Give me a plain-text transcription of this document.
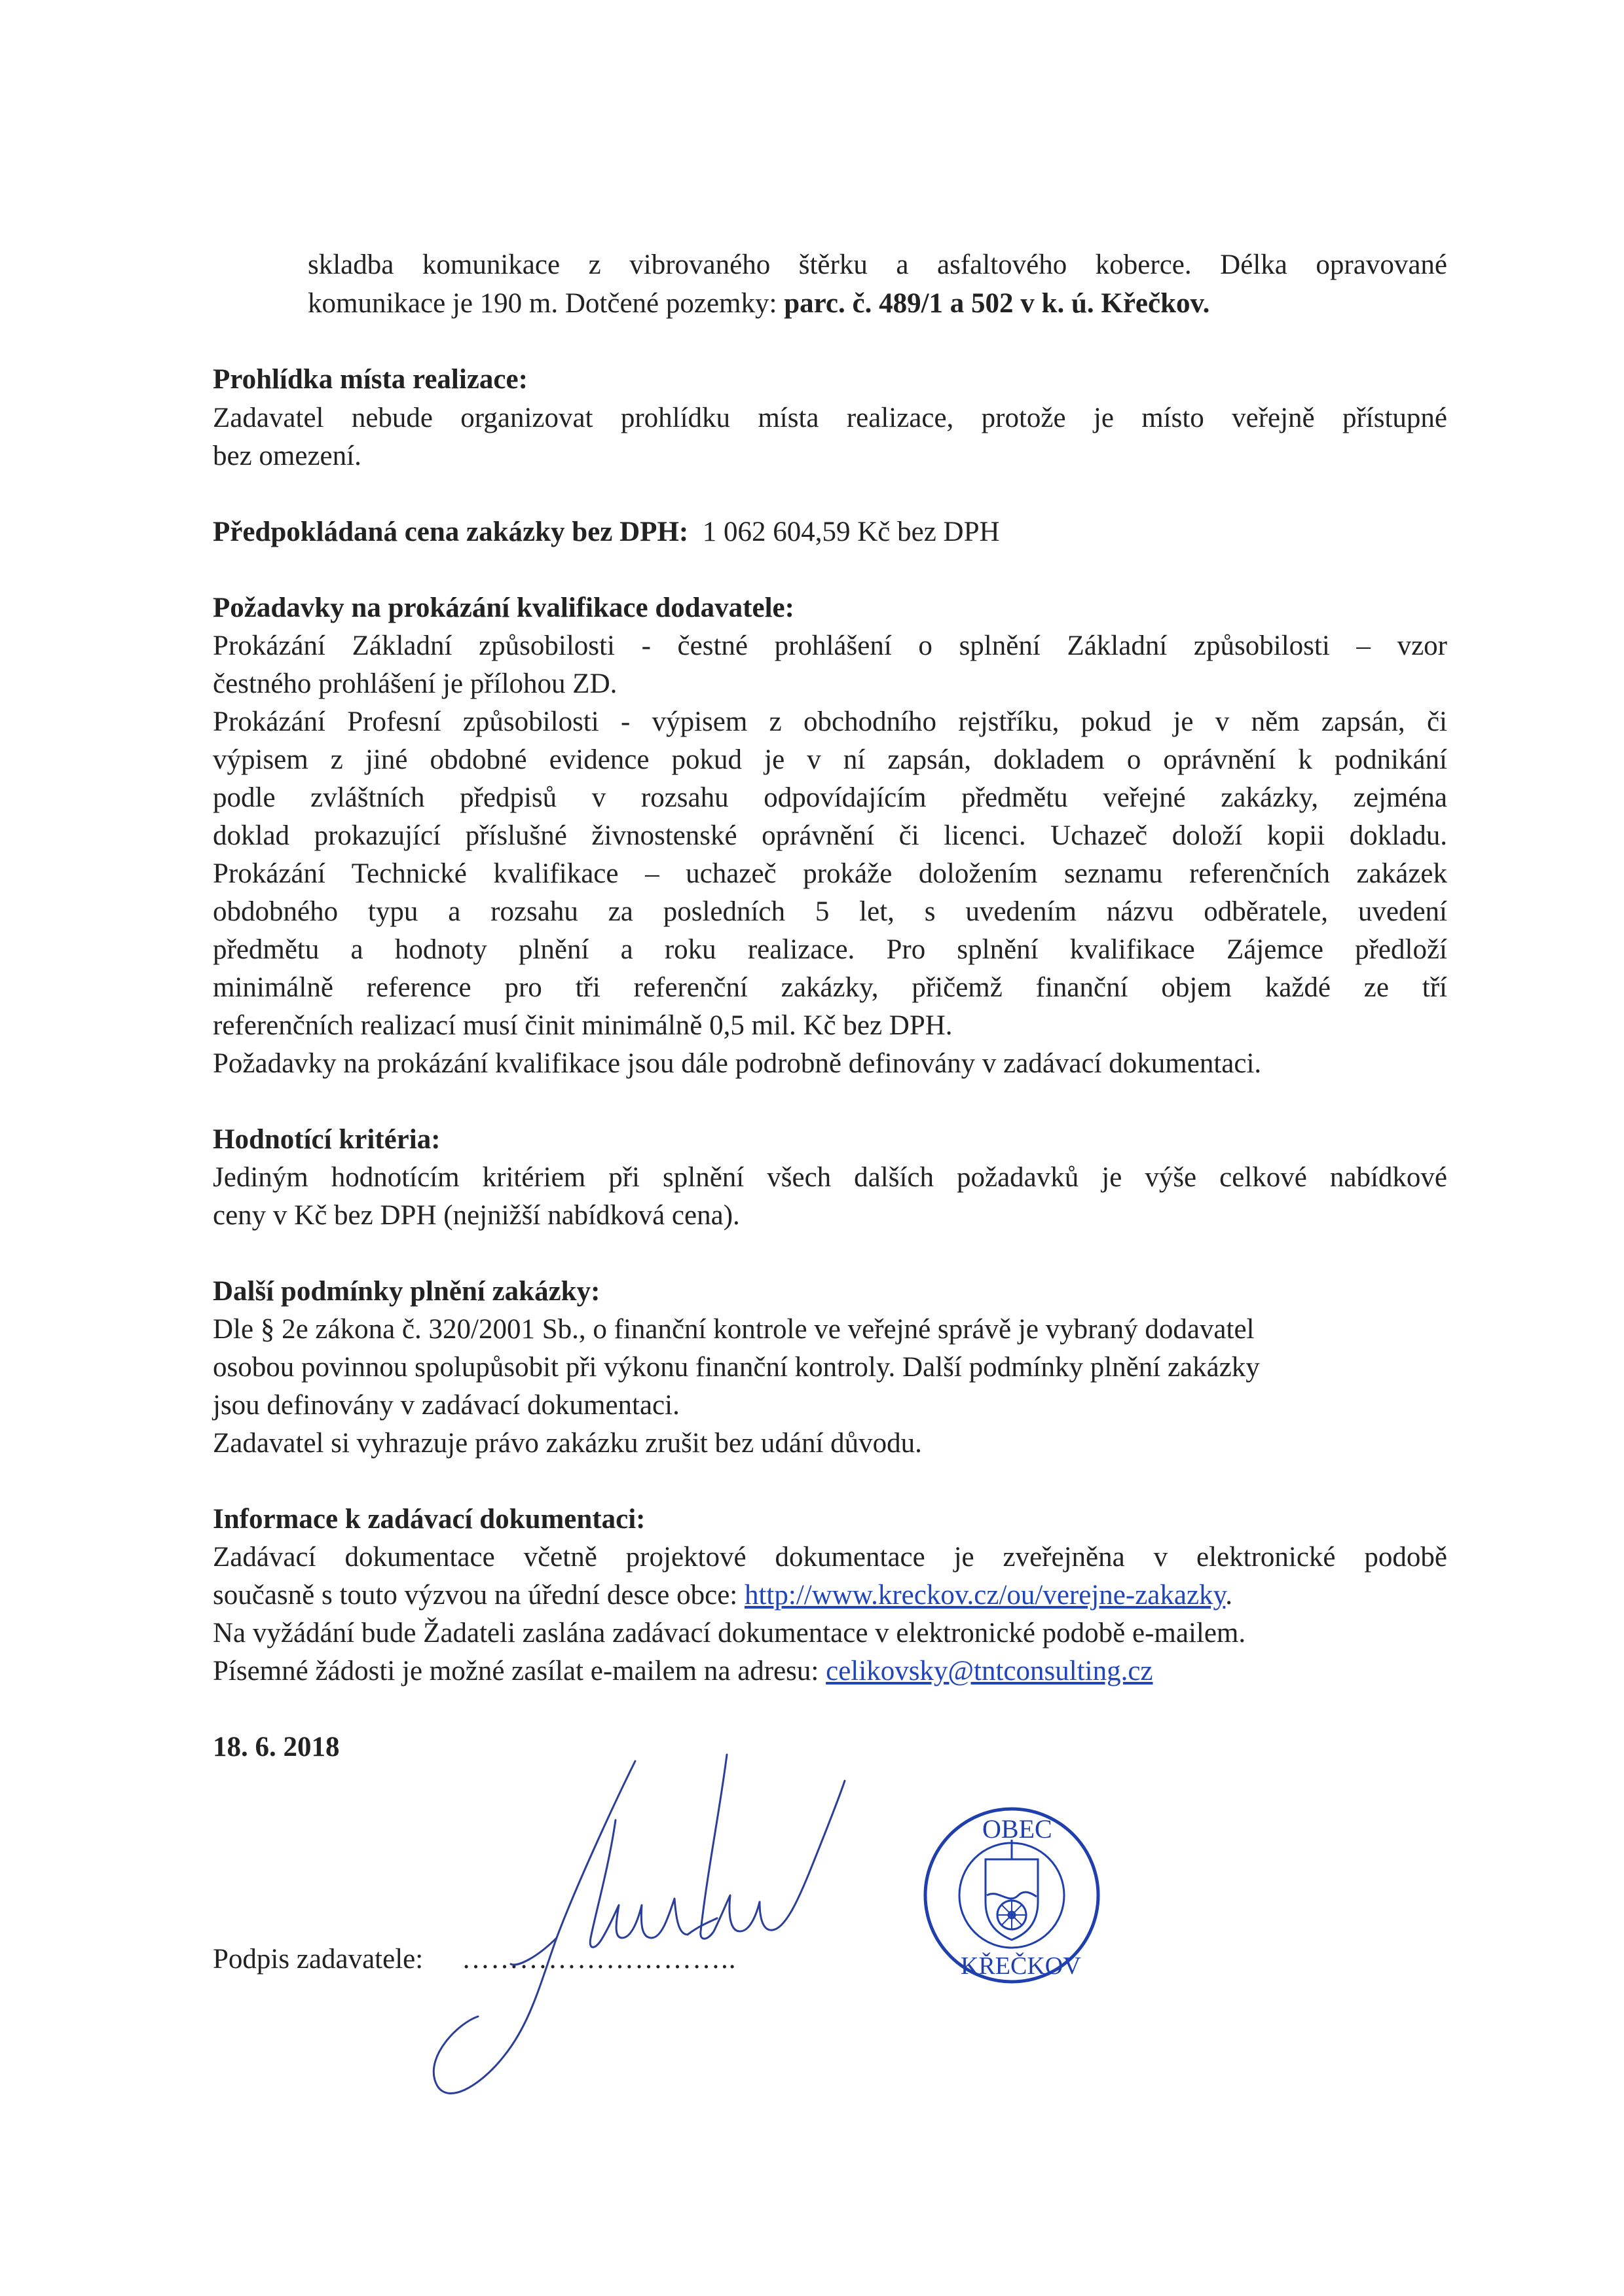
skladba komunikace z vibrovaného štěrku a asfaltového koberce. Délka opravované
komunikace je 190 m. Dotčené pozemky: parc. č. 489/1 a 502 v k. ú. Křečkov.
Prohlídka místa realizace:
Zadavatel nebude organizovat prohlídku místa realizace, protože je místo veřejně přístupné
bez omezení.
Předpokládaná cena zakázky bez DPH: 1 062 604,59 Kč bez DPH
Požadavky na prokázání kvalifikace dodavatele:
Prokázání Základní způsobilosti - čestné prohlášení o splnění Základní způsobilosti – vzor
čestného prohlášení je přílohou ZD.
Prokázání Profesní způsobilosti - výpisem z obchodního rejstříku, pokud je v něm zapsán, či
výpisem z jiné obdobné evidence pokud je v ní zapsán, dokladem o oprávnění k podnikání
podle zvláštních předpisů v rozsahu odpovídajícím předmětu veřejné zakázky, zejména
doklad prokazující příslušné živnostenské oprávnění či licenci. Uchazeč doloží kopii dokladu.
Prokázání Technické kvalifikace – uchazeč prokáže doložením seznamu referenčních zakázek
obdobného typu a rozsahu za posledních 5 let, s uvedením názvu odběratele, uvedení
předmětu a hodnoty plnění a roku realizace. Pro splnění kvalifikace Zájemce předloží
minimálně reference pro tři referenční zakázky, přičemž finanční objem každé ze tří
referenčních realizací musí činit minimálně 0,5 mil. Kč bez DPH.
Požadavky na prokázání kvalifikace jsou dále podrobně definovány v zadávací dokumentaci.
Hodnotící kritéria:
Jediným hodnotícím kritériem při splnění všech dalších požadavků je výše celkové nabídkové
ceny v Kč bez DPH (nejnižší nabídková cena).
Další podmínky plnění zakázky:
Dle § 2e zákona č. 320/2001 Sb., o finanční kontrole ve veřejné správě je vybraný dodavatel
osobou povinnou spolupůsobit při výkonu finanční kontroly. Další podmínky plnění zakázky
jsou definovány v zadávací dokumentaci.
Zadavatel si vyhrazuje právo zakázku zrušit bez udání důvodu.
Informace k zadávací dokumentaci:
Zadávací dokumentace včetně projektové dokumentace je zveřejněna v elektronické podobě
současně s touto výzvou na úřední desce obce: http://www.kreckov.cz/ou/verejne-zakazky.
Na vyžádání bude Žadateli zaslána zadávací dokumentace v elektronické podobě e-mailem.
Písemné žádosti je možné zasílat e-mailem na adresu: celikovsky@tntconsulting.cz
18. 6. 2018
Podpis zadavatele: ………………………..
OBEC
KŘEČKOV
